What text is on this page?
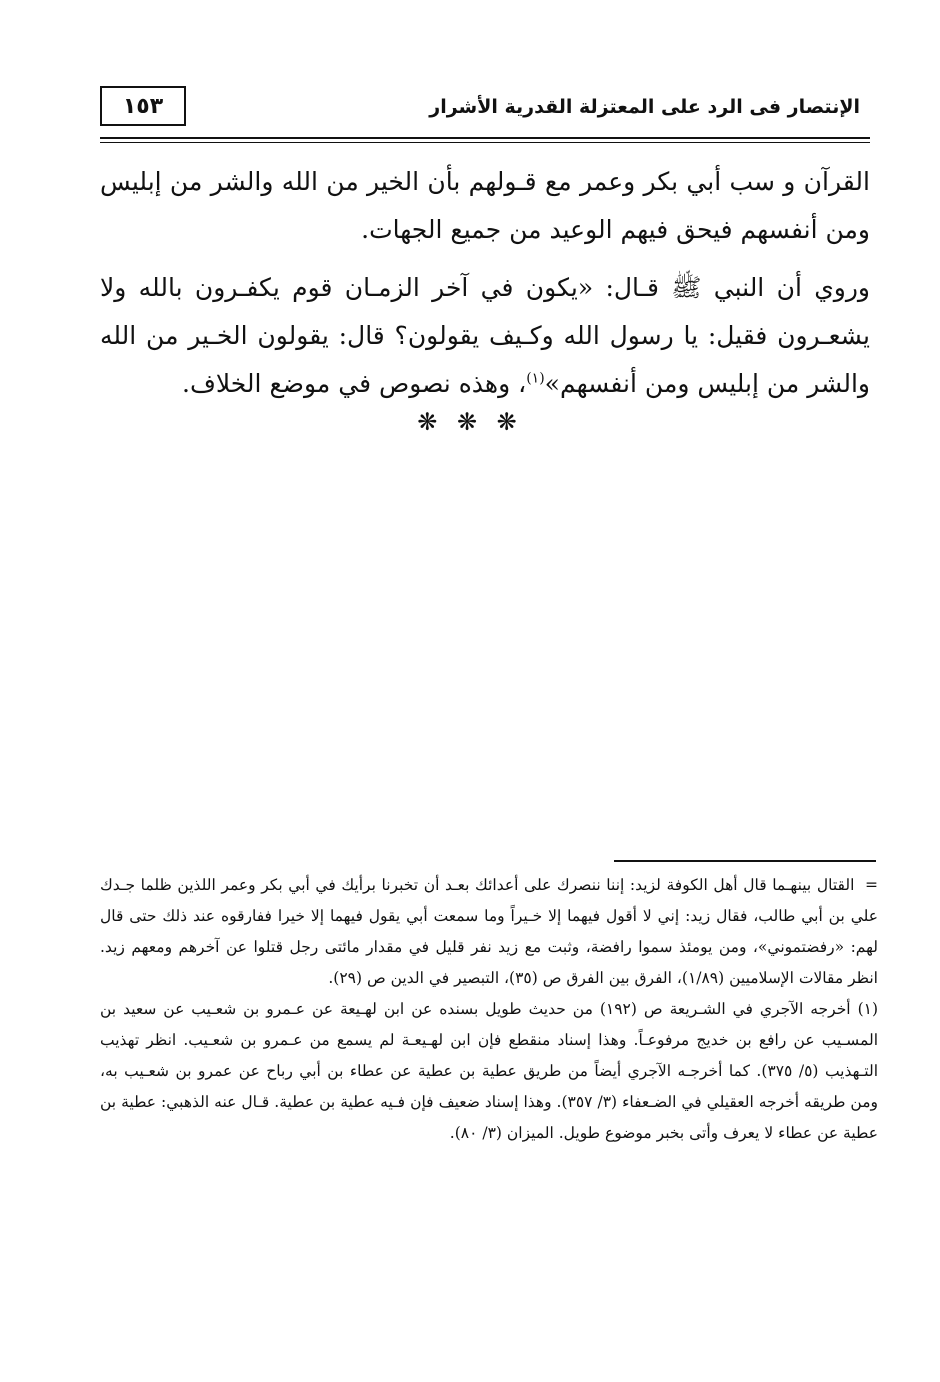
الإنتصار فى الرد على المعتزلة القدرية الأشرار
١٥٣

القرآن و سب أبي بكر وعمر مع قـولهم بأن الخير من الله والشر من إبليس ومن أنفسهم فيحق فيهم الوعيد من جميع الجهات.

وروي أن النبي ﷺ قـال: «يكون في آخر الزمـان قوم يكفـرون بالله ولا يشعـرون فقيل: يا رسول الله وكـيف يقولون؟ قال: يقولون الخـير من الله والشر من إبليس ومن أنفسهم»$^{(١)}$، وهذه نصوص في موضع الخلاف.

❋ ❋ ❋

= القتال بينهـما قال أهل الكوفة لزيد: إننا ننصرك على أعدائك بعـد أن تخبرنا برأيك في أبي بكر وعمر اللذين ظلما جـدك علي بن أبي طالب، فقال زيد: إني لا أقول فيهما إلا خـيراً وما سمعت أبي يقول فيهما إلا خيرا ففارقوه عند ذلك حتى قال لهم: «رفضتموني»، ومن يومئذ سموا رافضة، وثبت مع زيد نفر قليل في مقدار مائتى رجل قتلوا عن آخرهم ومعهم زيد. انظر مقالات الإسلاميين (١/٨٩)، الفرق بين الفرق ص (٣٥)، التبصير في الدين ص (٢٩).

(١) أخرجه الآجري في الشـريعة ص (١٩٢) من حديث طويل بسنده عن ابن لهـيعة عن عـمرو بن شعـيب عن سعيد بن المسـيب عن رافع بن خديج مرفوعـاً. وهذا إسناد منقطع فإن ابن لهـيعـة لم يسمع من عـمرو بن شعـيب. انظر تهذيب التـهذيب (٥/ ٣٧٥). كما أخرجـه الآجري أيضاً من طريق عطية بن عطية عن عطاء بن أبي رباح عن عمرو بن شعـيب به، ومن طريقه أخرجه العقيلي في الضـعفاء (٣/ ٣٥٧). وهذا إسناد ضعيف فإن فـيه عطية بن عطية. قـال عنه الذهبي: عطية بن عطية عن عطاء لا يعرف وأتى بخبر موضوع طويل. الميزان (٣/ ٨٠).
